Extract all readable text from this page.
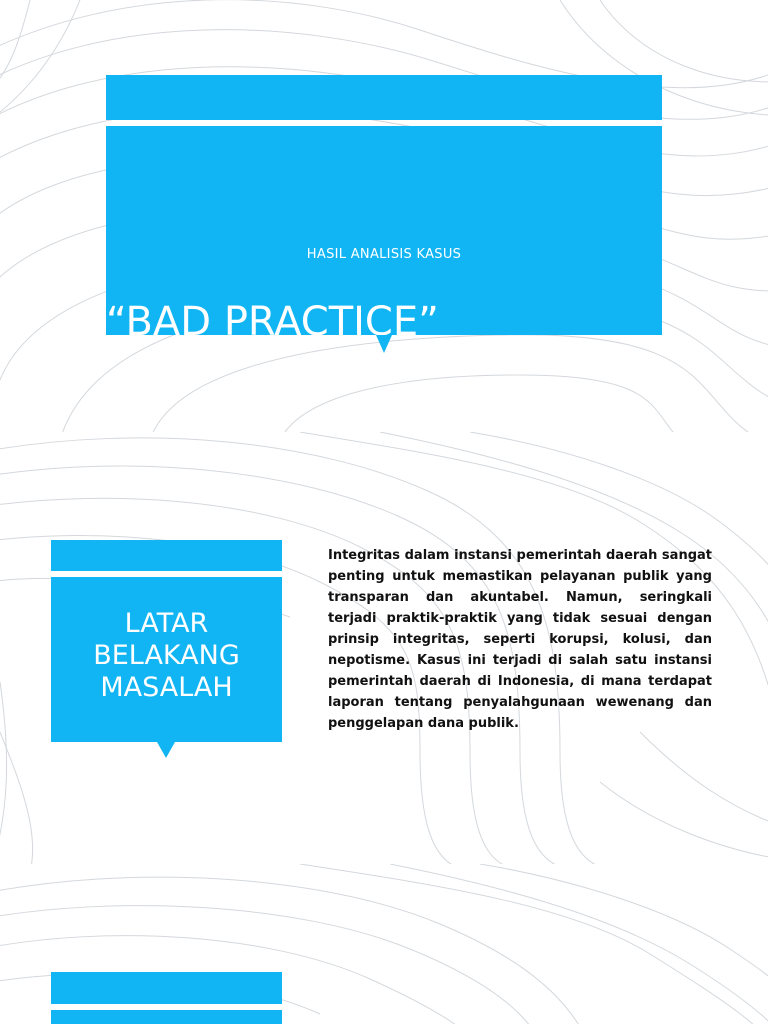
HASIL ANALISIS KASUS
“BAD PRACTICE”
LATAR
BELAKANG
MASALAH

Integritas dalam instansi pemerintah daerah sangat penting untuk memastikan pelayanan publik yang transparan dan akuntabel. Namun, seringkali terjadi praktik-praktik yang tidak sesuai dengan prinsip integritas, seperti korupsi, kolusi, dan nepotisme. Kasus ini terjadi di salah satu instansi pemerintah daerah di Indonesia, di mana terdapat laporan tentang penyalahgunaan wewenang dan penggelapan dana publik.
